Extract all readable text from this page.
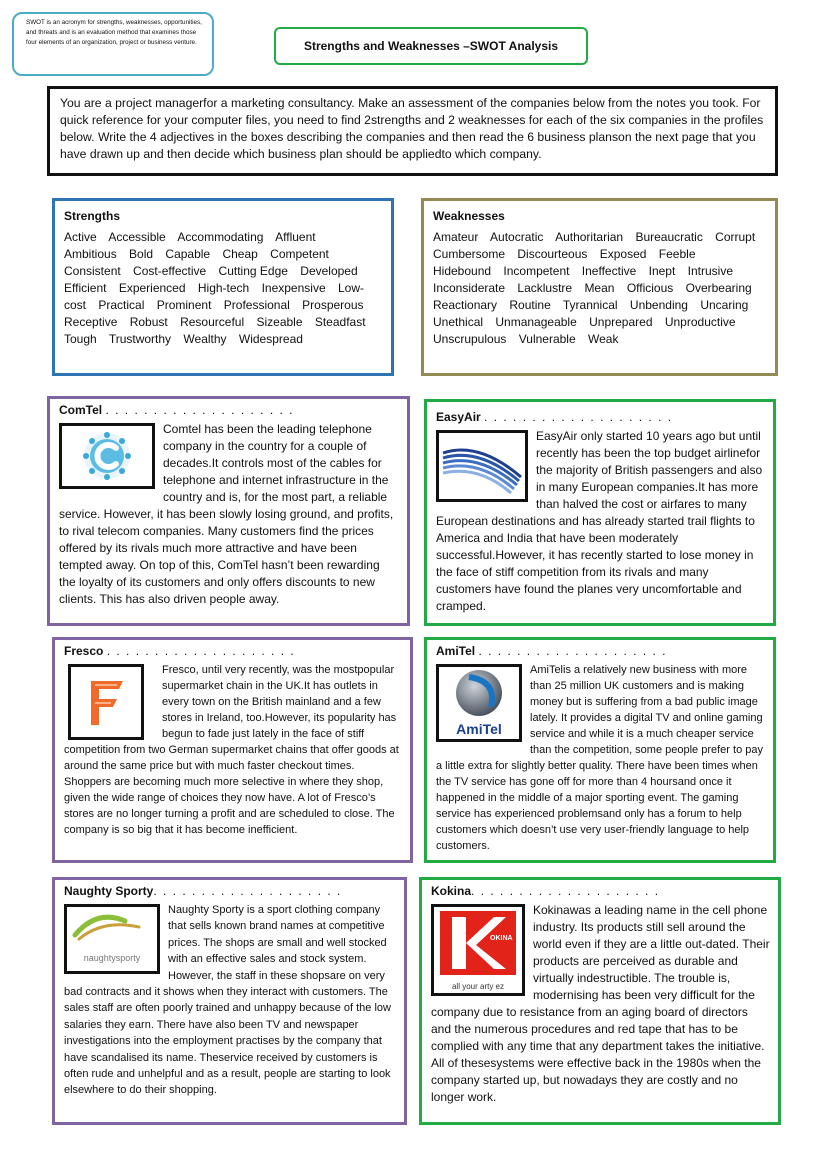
SWOT is an acronym for strengths, weaknesses, opportunities, and threats and is an evaluation method that examines those four elements of an organization, project or business venture.	Strengths and Weaknesses –SWOT Analysis
You are a project managerfor a marketing consultancy. Make an assessment of the companies below from the notes you took. For quick reference for your computer files, you need to find 2strengths and 2 weaknesses for each of the six companies in the profiles below. Write the 4 adjectives in the boxes describing the companies and then read the 6 business planson the next page that you have drawn up and then decide which business plan should be appliedto which company.
Strengths
Active Accessible Accommodating Affluent Ambitious Bold Capable Cheap Competent Consistent Cost-effective Cutting Edge Developed Efficient Experienced High-tech Inexpensive Low-cost Practical Prominent Professional Prosperous Receptive Robust Resourceful Sizeable Steadfast Tough Trustworthy Wealthy Widespread
Weaknesses
Amateur Autocratic Authoritarian Bureaucratic Corrupt Cumbersome Discourteous Exposed Feeble Hidebound Incompetent Ineffective Inept Intrusive Inconsiderate Lacklustre Mean Officious Overbearing Reactionary Routine Tyrannical Unbending Uncaring Unethical Unmanageable Unprepared Unproductive Unscrupulous Vulnerable Weak
ComTel . . . . . . . . . . . . . . . . . . . .
Comtel has been the leading telephone company in the country for a couple of decades.It controls most of the cables for telephone and internet infrastructure in the country and is, for the most part, a reliable service. However, it has been slowly losing ground, and profits, to rival telecom companies. Many customers find the prices offered by its rivals much more attractive and have been tempted away. On top of this, ComTel hasn’t been rewarding the loyalty of its customers and only offers discounts to new clients. This has also driven people away.
EasyAir . . . . . . . . . . . . . . . . . . . .
EasyAir only started 10 years ago but until recently has been the top budget airlinefor the majority of British passengers and also in many European companies.It has more than halved the cost or airfares to many European destinations and has already started trail flights to America and India that have been moderately successful.However, it has recently started to lose money in the face of stiff competition from its rivals and many customers have found the planes very uncomfortable and cramped.
Fresco . . . . . . . . . . . . . . . . . . . .
Fresco, until very recently, was the mostpopular supermarket chain in the UK.It has outlets in every town on the British mainland and a few stores in Ireland, too.However, its popularity has begun to fade just lately in the face of stiff competition from two German supermarket chains that offer goods at around the same price but with much faster checkout times. Shoppers are becoming much more selective in where they shop, given the wide range of choices they now have. A lot of Fresco’s stores are no longer turning a profit and are scheduled to close. The company is so big that it has become inefficient.
AmiTel . . . . . . . . . . . . . . . . . . . .
AmiTel
AmiTelis a relatively new business with more than 25 million UK customers and is making money but is suffering from a bad public image lately. It provides a digital TV and online gaming service and while it is a much cheaper service than the competition, some people prefer to pay a little extra for slightly better quality. There have been times when the TV service has gone off for more than 4 hoursand once it happened in the middle of a major sporting event. The gaming service has experienced problemsand only has a forum to help customers which doesn’t use very user-friendly language to help customers.
Naughty Sporty. . . . . . . . . . . . . . . . . . . .
naughtysporty
Naughty Sporty is a sport clothing company that sells known brand names at competitive prices. The shops are small and well stocked with an effective sales and stock system. However, the staff in these shopsare on very bad contracts and it shows when they interact with customers. The sales staff are often poorly trained and unhappy because of the low salaries they earn. There have also been TV and newspaper investigations into the employment practises by the company that have scandalised its name. Theservice received by customers is often rude and unhelpful and as a result, people are starting to look elsewhere to do their shopping.
Kokina. . . . . . . . . . . . . . . . . . . .
OKINA
all your arty ez
Kokinawas a leading name in the cell phone industry. Its products still sell around the world even if they are a little out-dated. Their products are perceived as durable and virtually indestructible. The trouble is, modernising has been very difficult for the company due to resistance from an aging board of directors and the numerous procedures and red tape that has to be complied with any time that any department takes the initiative. All of thesesystems were effective back in the 1980s when the company started up, but nowadays they are costly and no longer work.
